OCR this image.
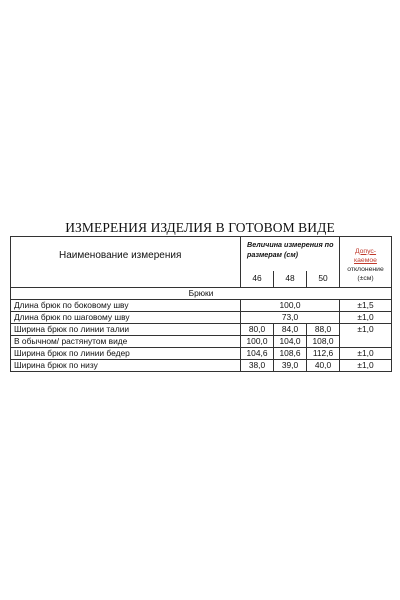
ИЗМЕРЕНИЯ ИЗДЕЛИЯ В ГОТОВОМ ВИДЕ
Наименование измерения	Величина измерения по размерам (см)			Допус-
каемое
отклонение
(±см)

	46	48	50	
Брюки				
Длина брюк по боковому шву	100,0			±1,5
Длина брюк по шаговому шву	73,0			±1,0
Ширина брюк по линии талии	80,0	84,0	88,0	±1,0
В обычном/ растянутом виде	100,0	104,0	108,0	
Ширина брюк по линии бедер	104,6	108,6	112,6	±1,0
Ширина брюк по низу	38,0	39,0	40,0	±1,0
